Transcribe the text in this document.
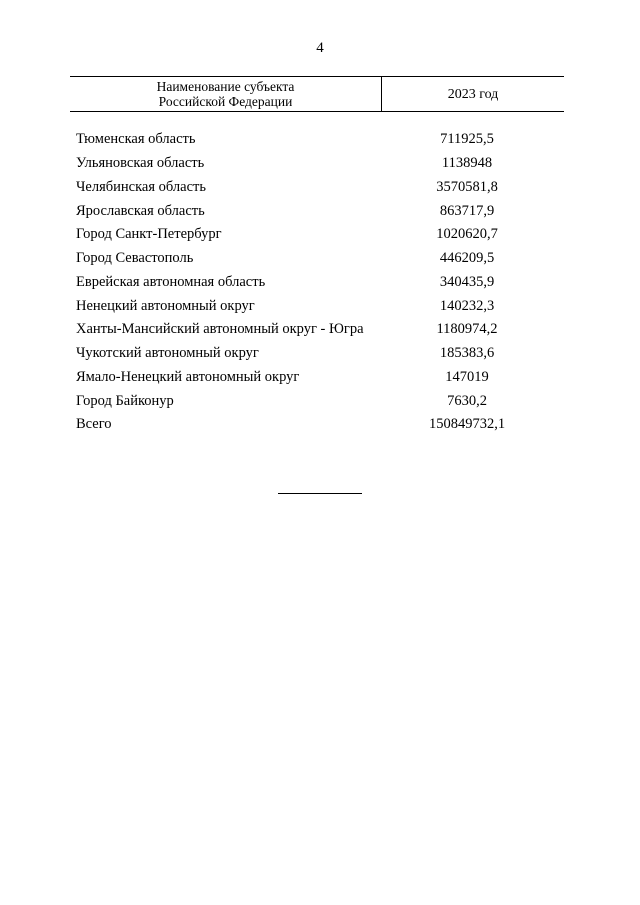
4
Наименование субъекта
Российской Федерации	2023 год
Тюменская область	711925,5
Ульяновская область	1138948
Челябинская область	3570581,8
Ярославская область	863717,9
Город Санкт-Петербург	1020620,7
Город Севастополь	446209,5
Еврейская автономная область	340435,9
Ненецкий автономный округ	140232,3
Ханты-Мансийский автономный округ - Югра	1180974,2
Чукотский автономный округ	185383,6
Ямало-Ненецкий автономный округ	147019
Город Байконур	7630,2
Всего	150849732,1
